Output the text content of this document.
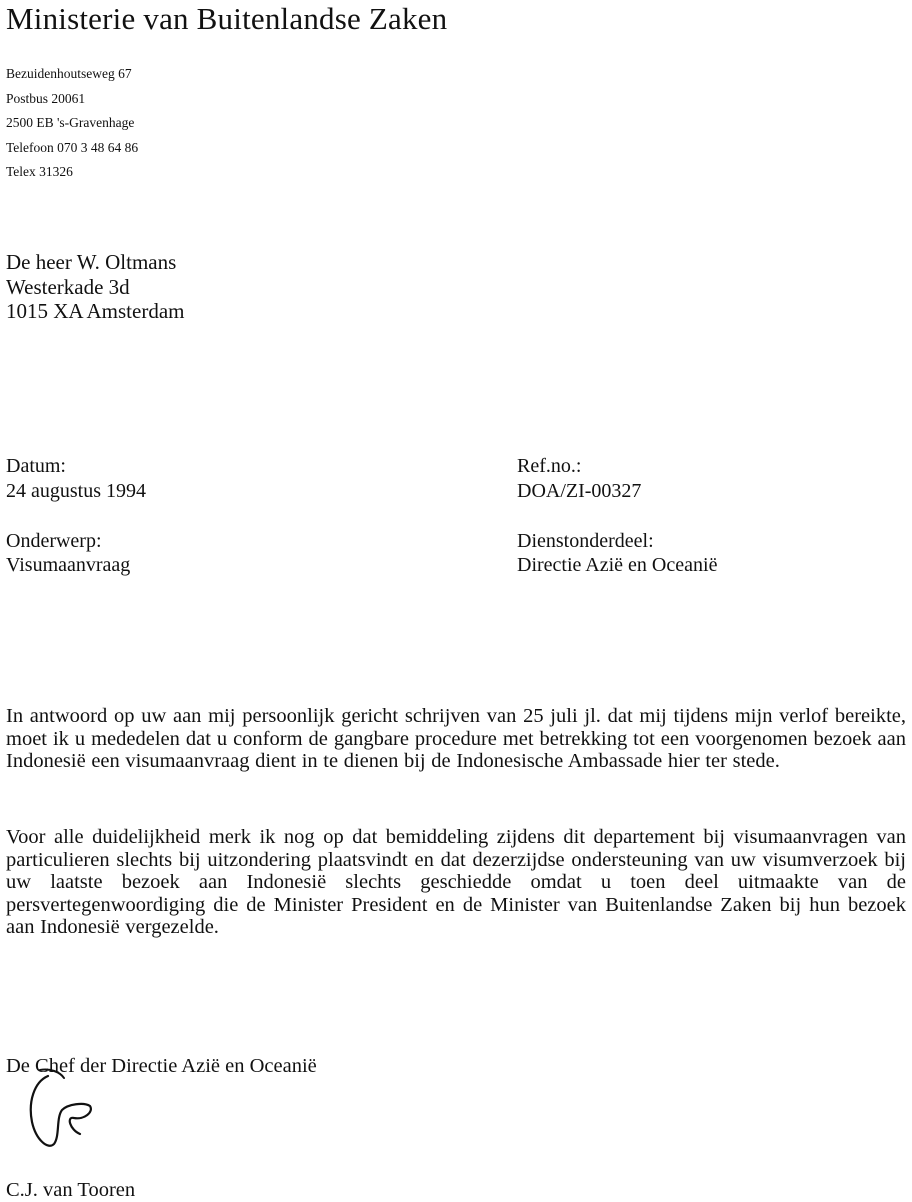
Ministerie van Buitenlandse Zaken
Bezuidenhoutseweg 67
Postbus 20061
2500 EB 's-Gravenhage
Telefoon 070 3 48 64 86
Telex 31326
De heer W. Oltmans
Westerkade 3d
1015 XA Amsterdam
Datum:
24 augustus 1994
Ref.no.:
DOA/ZI-00327
Onderwerp:
Visumaanvraag
Dienstonderdeel:
Directie Azië en Oceanië
In antwoord op uw aan mij persoonlijk gericht schrijven van 25 juli jl. dat mij tijdens mijn verlof bereikte, moet ik u mededelen dat u conform de gangbare procedure met betrekking tot een voorgenomen bezoek aan Indonesië een visumaanvraag dient in te dienen bij de Indonesische Ambassade hier ter stede.
Voor alle duidelijkheid merk ik nog op dat bemiddeling zijdens dit departement bij visumaanvragen van particulieren slechts bij uitzondering plaatsvindt en dat dezerzijdse ondersteuning van uw visumverzoek bij uw laatste bezoek aan Indonesië slechts geschiedde omdat u toen deel uitmaakte van de persvertegenwoordiging die de Minister President en de Minister van Buitenlandse Zaken bij hun bezoek aan Indonesië vergezelde.
De Chef der Directie Azië en Oceanië
C.J. van Tooren
